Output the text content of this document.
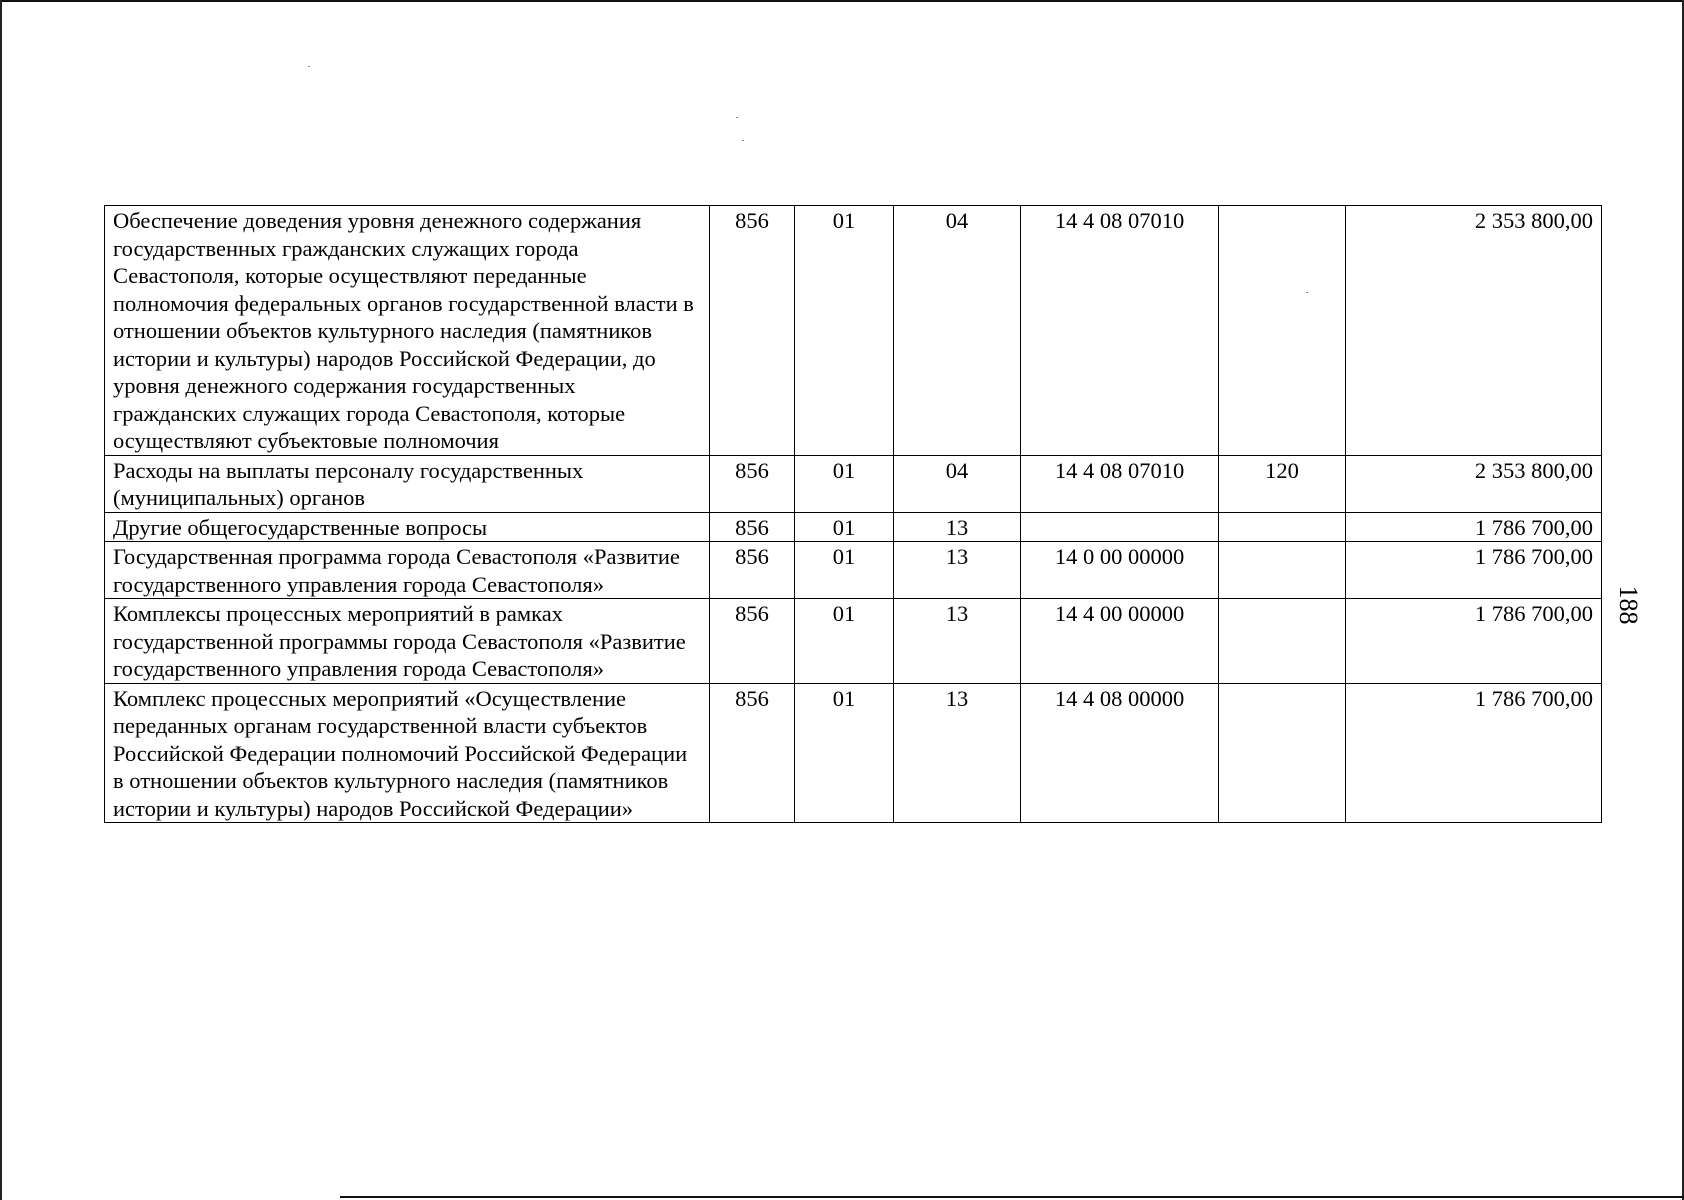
Обеспечение доведения уровня денежного содержания государственных гражданских служащих города Севастополя, которые осуществляют переданные полномочия федеральных органов государственной власти в отношении объектов культурного наследия (памятников истории и культуры) народов Российской Федерации, до уровня денежного содержания государственных гражданских служащих города Севастополя, которые осуществляют субъектовые полномочия	856	01	04	14 4 08 07010		2 353 800,00
Расходы на выплаты персоналу государственных (муниципальных) органов	856	01	04	14 4 08 07010	120	2 353 800,00
Другие общегосударственные вопросы	856	01	13			1 786 700,00
Государственная программа города Севастополя «Развитие государственного управления города Севастополя»	856	01	13	14 0 00 00000		1 786 700,00
Комплексы процессных мероприятий в рамках государственной программы города Севастополя «Развитие государственного управления города Севастополя»	856	01	13	14 4 00 00000		1 786 700,00
Комплекс процессных мероприятий «Осуществление переданных органам государственной власти субъектов Российской Федерации полномочий Российской Федерации в отношении объектов культурного наследия (памятников истории и культуры) народов Российской Федерации»	856	01	13	14 4 08 00000		1 786 700,00
188
